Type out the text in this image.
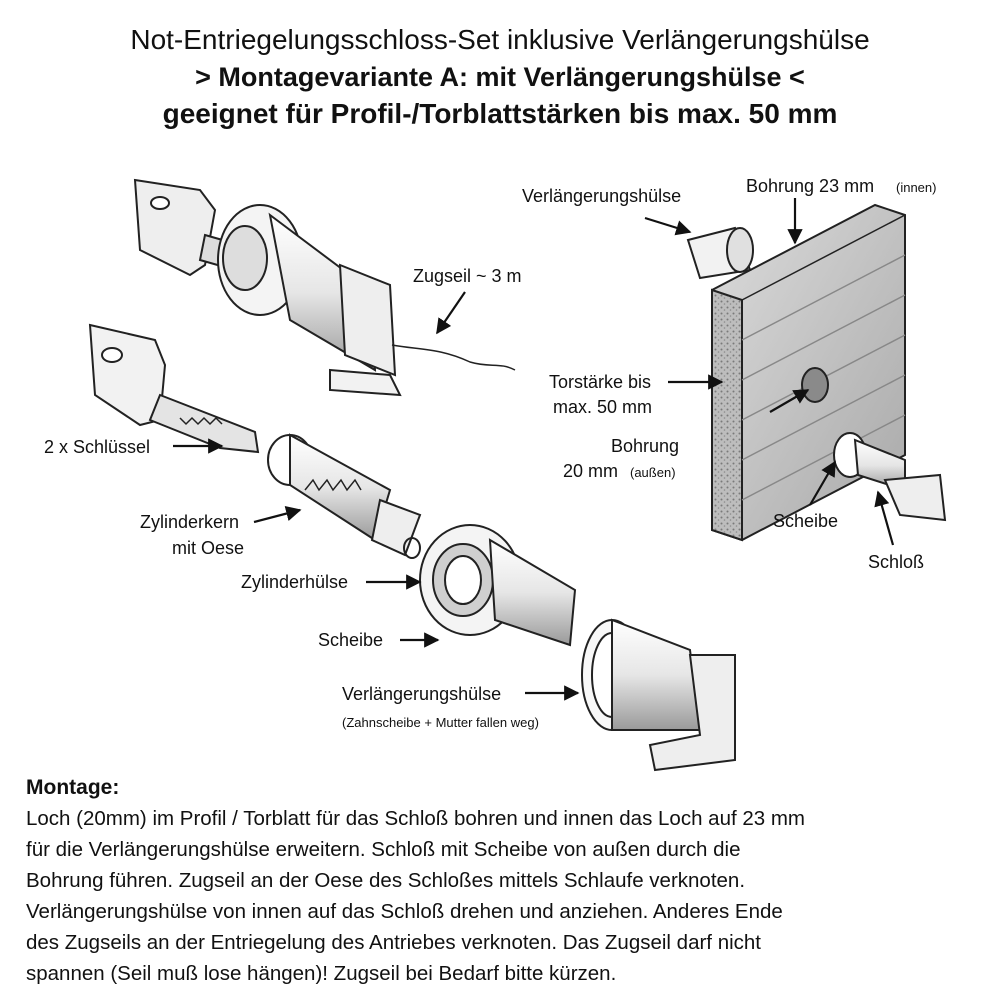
Not-Entriegelungsschloss-Set inklusive Verlängerungshülse
> Montagevariante A: mit Verlängerungshülse <
geeignet für Profil-/Torblattstärken bis max. 50 mm
Zugseil ~ 3 m
2 x Schlüssel
Zylinderkern
mit Oese
Zylinderhülse
Scheibe
Verlängerungshülse
(Zahnscheibe + Mutter fallen weg)
Verlängerungshülse	Bohrung 23 mm (innen)
Torstärke bis
max. 50 mm
Bohrung
20 mm (außen)
Scheibe
Schloß
Montage:

Loch (20mm) im Profil / Torblatt für das Schloß bohren und innen das Loch auf 23 mm

für die Verlängerungshülse erweitern. Schloß mit Scheibe von außen durch die

Bohrung führen. Zugseil an der Oese des Schloßes mittels Schlaufe verknoten.

Verlängerungshülse von innen auf das Schloß drehen und anziehen. Anderes Ende

des Zugseils an der Entriegelung des Antriebes verknoten. Das Zugseil darf nicht

spannen (Seil muß lose hängen)! Zugseil bei Bedarf bitte kürzen.
